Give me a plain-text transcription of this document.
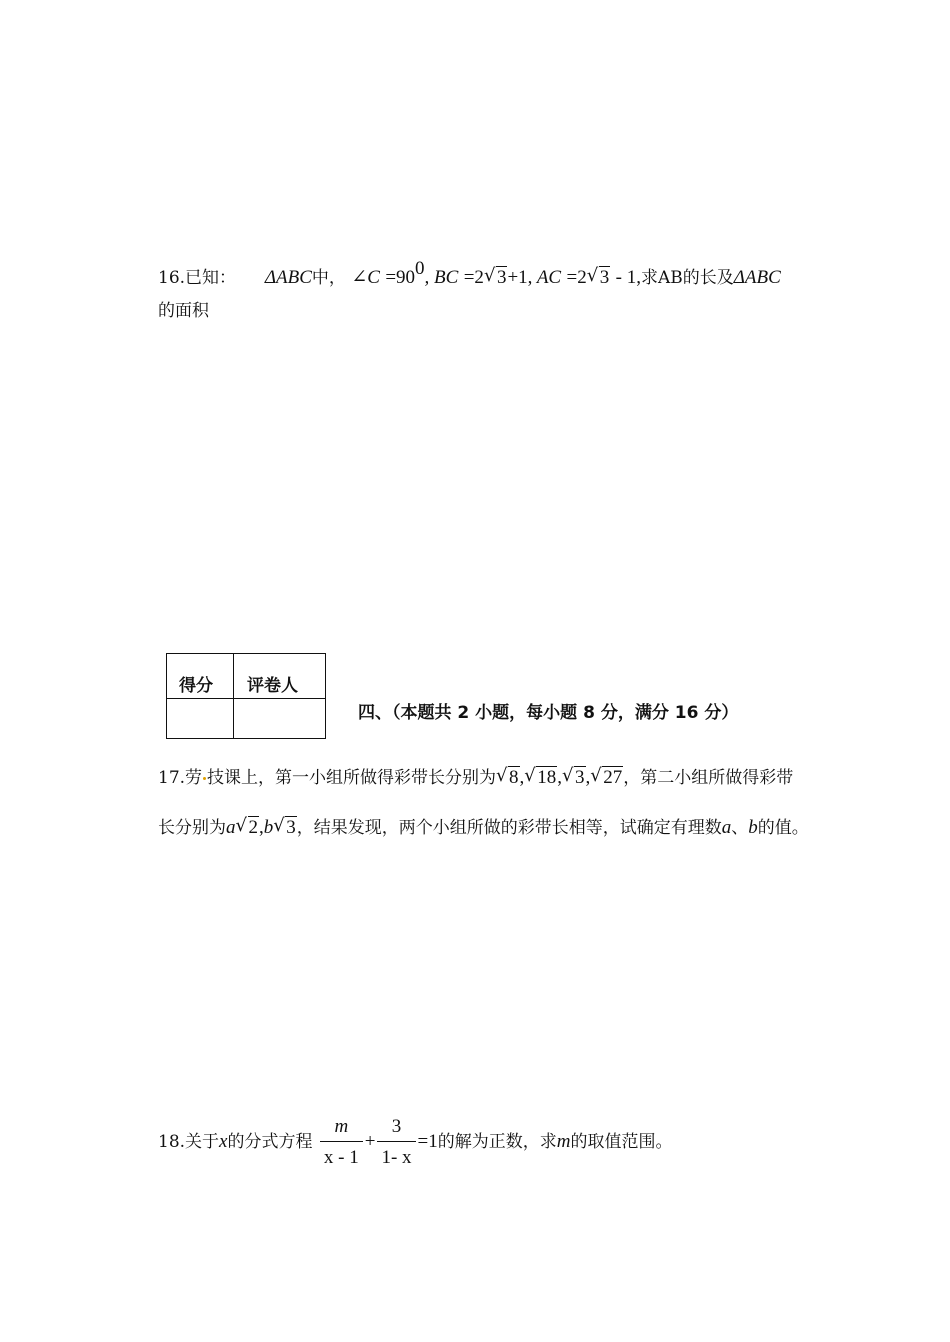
16.已知： ΔABC中， ∠C $=90^0$, BC =2 √ 3+1, AC =2 √ 3 - 1,求AB的长及ΔABC
的面积
得分 评卷人
四、（本题共 2 小题，每小题 8 分，满分 16 分）
17.劳 技课上，第一小组所做得彩带长分别为 √ 8, √ 18, √ 3, √ 27，第二小组所做得彩带
长分别为a √ 2,b √ 3，结果发现，两个小组所做的彩带长相等，试确定有理数a、b的值。
18.关于x的分式方程 $\frac{m}{x - 1} + \frac{3}{1- x} =1$的解为正数，求m的取值范围。
